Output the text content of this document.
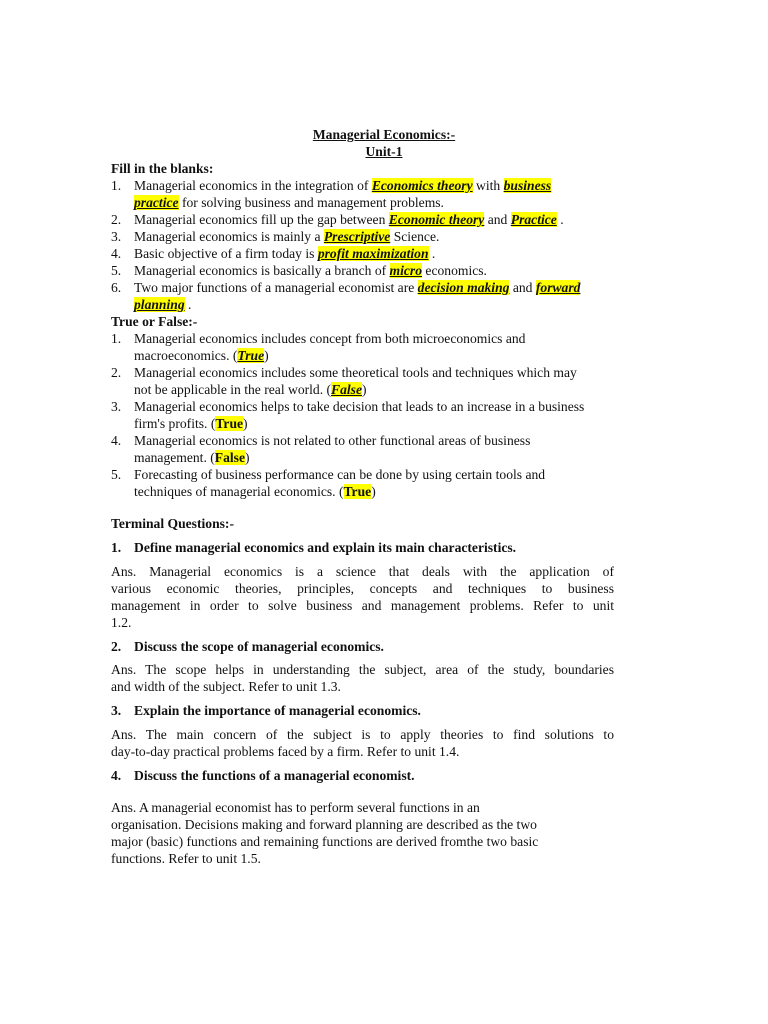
Managerial Economics:-
Unit-1
Fill in the blanks:
1. Managerial economics in the integration of Economics theory with business
practice for solving business and management problems.
2. Managerial economics fill up the gap between Economic theory and Practice .
3. Managerial economics is mainly a Prescriptive Science.
4. Basic objective of a firm today is profit maximization .
5. Managerial economics is basically a branch of micro economics.
6. Two major functions of a managerial economist are decision making and forward
planning .
True or False:-
1. Managerial economics includes concept from both microeconomics and
macroeconomics. (True)
2. Managerial economics includes some theoretical tools and techniques which may
not be applicable in the real world. (False)
3. Managerial economics helps to take decision that leads to an increase in a business
firm's profits. (True)
4. Managerial economics is not related to other functional areas of business
management. (False)
5. Forecasting of business performance can be done by using certain tools and
techniques of managerial economics. (True)
Terminal Questions:-
1. Define managerial economics and explain its main characteristics.
Ans. Managerial economics is a science that deals with the application of
various economic theories, principles, concepts and techniques to business
management in order to solve business and management problems. Refer to unit
1.2.
2. Discuss the scope of managerial economics.
Ans. The scope helps in understanding the subject, area of the study, boundaries
and width of the subject. Refer to unit 1.3.
3. Explain the importance of managerial economics.
Ans. The main concern of the subject is to apply theories to find solutions to
day-to-day practical problems faced by a firm. Refer to unit 1.4.
4. Discuss the functions of a managerial economist.
Ans. A managerial economist has to perform several functions in an
organisation. Decisions making and forward planning are described as the two
major (basic) functions and remaining functions are derived fromthe two basic
functions. Refer to unit 1.5.
